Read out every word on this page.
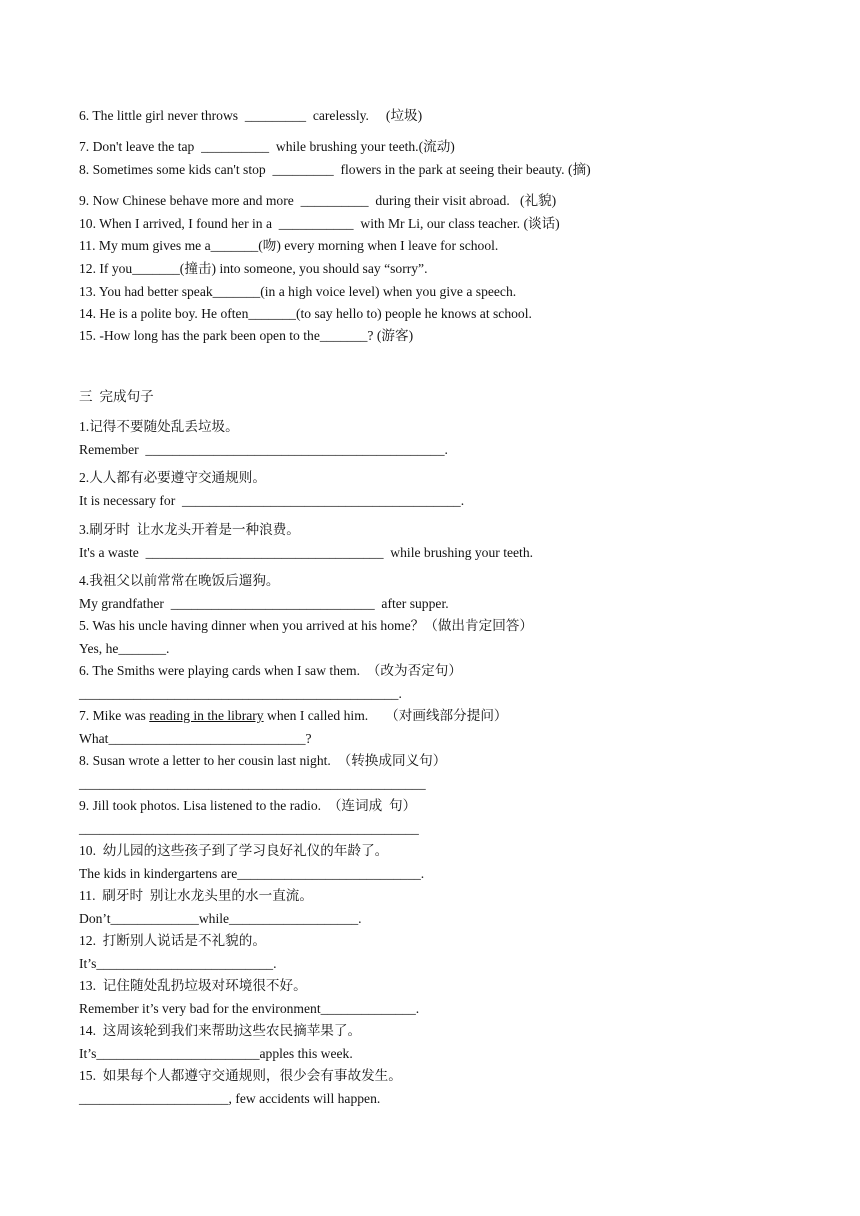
6. The little girl never throws  _________  carelessly.     (垃圾)

7. Don't leave the tap  __________  while brushing your teeth.(流动)

8. Sometimes some kids can't stop  _________  flowers in the park at seeing their beauty. (摘)

9. Now Chinese behave more and more  __________  during their visit abroad.   (礼貌)

10. When I arrived, I found her in a  ___________  with Mr Li, our class teacher. (谈话)

11. My mum gives me a_______(吻) every morning when I leave for school.

12. If you_______(撞击) into someone, you should say “sorry”.

13. You had better speak_______(in a high voice level) when you give a speech.

14. He is a polite boy. He often_______(to say hello to) people he knows at school.

15. -How long has the park been open to the_______? (游客)

三  完成句子

1.记得不要随处乱丢垃圾。

Remember  ____________________________________________.

2.人人都有必要遵守交通规则。

It is necessary for  _________________________________________.

3.刷牙时  让水龙头开着是一种浪费。

It's a waste  ___________________________________  while brushing your teeth.

4.我祖父以前常常在晚饭后遛狗。

My grandfather  ______________________________  after supper.

5. Was his uncle having dinner when you arrived at his home？（做出肯定回答）

Yes, he_______.

6. The Smiths were playing cards when I saw them.  （改为否定句）

_______________________________________________.

7. Mike was reading in the library when I called him.     （对画线部分提问）

What_____________________________?

8. Susan wrote a letter to her cousin last night.  （转换成同义句）

___________________________________________________

9. Jill took photos. Lisa listened to the radio.  （连词成  句）

__________________________________________________

10.  幼儿园的这些孩子到了学习良好礼仪的年龄了。

The kids in kindergartens are___________________________.

11.  刷牙时  别让水龙头里的水一直流。

Don’t_____________while___________________.

12.  打断别人说话是不礼貌的。

It’s__________________________.

13.  记住随处乱扔垃圾对环境很不好。

Remember it’s very bad for the environment______________.

14.  这周该轮到我们来帮助这些农民摘苹果了。

It’s________________________apples this week.

15.  如果每个人都遵守交通规则，很少会有事故发生。

______________________, few accidents will happen.
